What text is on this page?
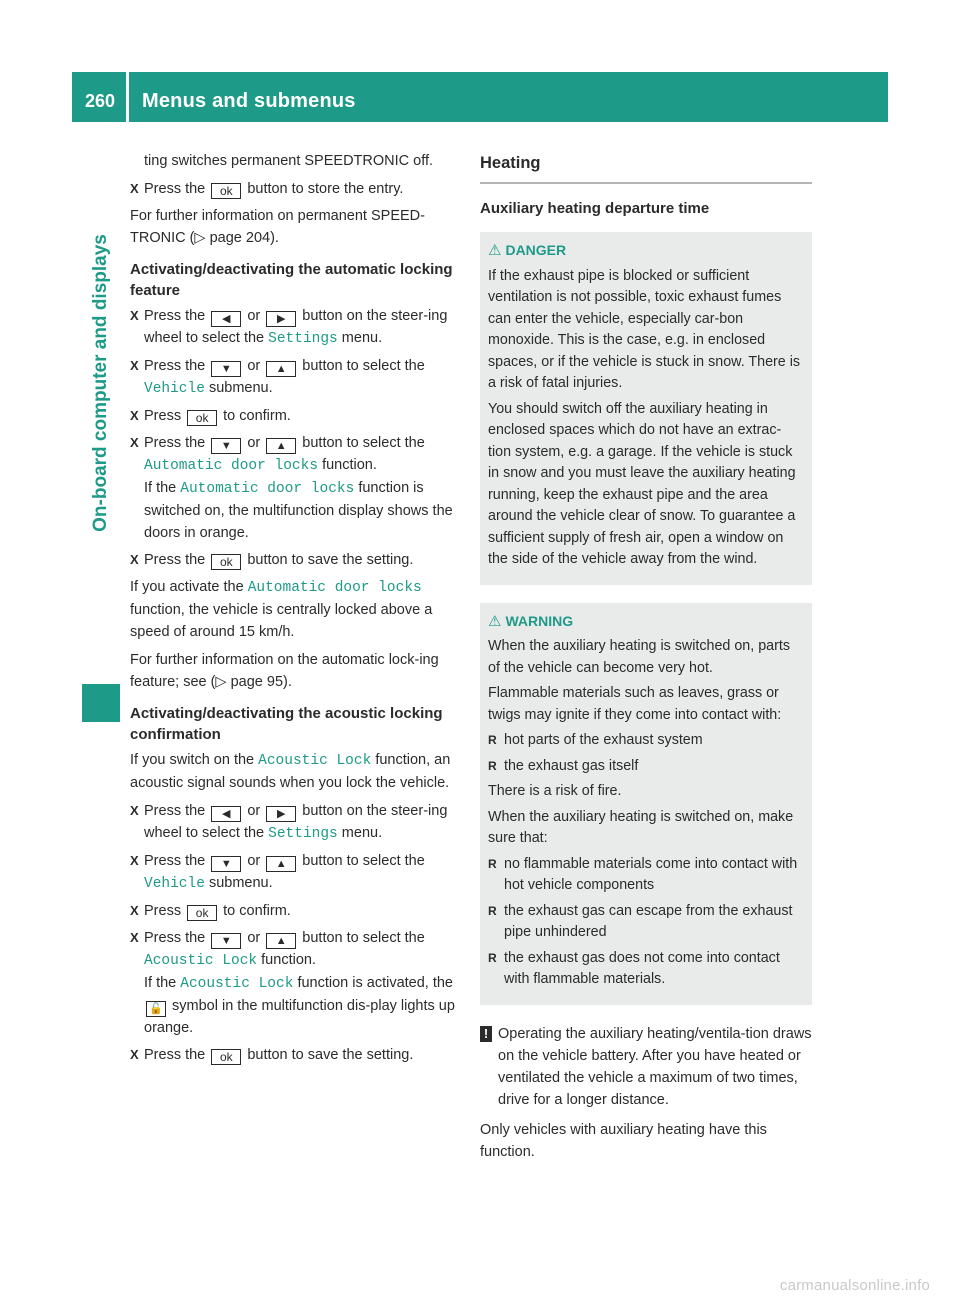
260	Menus and submenus
On-board computer and displays

ting switches permanent SPEEDTRONIC off.

X Press the ok button to store the entry.

For further information on permanent SPEED-TRONIC (▷ page 204).

Activating/deactivating the automatic locking feature
X Press the ◀ or ▶ button on the steer-ing wheel to select the Settings menu.
X Press the ▼ or ▲ button to select the Vehicle submenu.
X Press ok to confirm.
X Press the ▼ or ▲ button to select the Automatic door locks function.
If the Automatic door locks function is switched on, the multifunction display shows the doors in orange.
X Press the ok button to save the setting.

If you activate the Automatic door locks function, the vehicle is centrally locked above a speed of around 15 km/h.

For further information on the automatic lock-ing feature; see (▷ page 95).

Activating/deactivating the acoustic locking confirmation

If you switch on the Acoustic Lock function, an acoustic signal sounds when you lock the vehicle.

X Press the ◀ or ▶ button on the steer-ing wheel to select the Settings menu.
X Press the ▼ or ▲ button to select the Vehicle submenu.
X Press ok to confirm.
X Press the ▼ or ▲ button to select the Acoustic Lock function.
If the Acoustic Lock function is activated, the 🔓 symbol in the multifunction dis-play lights up orange.
X Press the ok button to save the setting.
Heating
Auxiliary heating departure time
⚠ DANGER

If the exhaust pipe is blocked or sufficient ventilation is not possible, toxic exhaust fumes can enter the vehicle, especially car-bon monoxide. This is the case, e.g. in enclosed spaces, or if the vehicle is stuck in snow. There is a risk of fatal injuries.

You should switch off the auxiliary heating in enclosed spaces which do not have an extrac-tion system, e.g. a garage. If the vehicle is stuck in snow and you must leave the auxiliary heating running, keep the exhaust pipe and the area around the vehicle clear of snow. To guarantee a sufficient supply of fresh air, open a window on the side of the vehicle away from the wind.

⚠ WARNING

When the auxiliary heating is switched on, parts of the vehicle can become very hot.

Flammable materials such as leaves, grass or twigs may ignite if they come into contact with:

R hot parts of the exhaust system
R the exhaust gas itself

There is a risk of fire.

When the auxiliary heating is switched on, make sure that:

R no flammable materials come into contact with hot vehicle components
R the exhaust gas can escape from the exhaust pipe unhindered
R the exhaust gas does not come into contact with flammable materials.
! Operating the auxiliary heating/ventila-tion draws on the vehicle battery. After you have heated or ventilated the vehicle a maximum of two times, drive for a longer distance.

Only vehicles with auxiliary heating have this function.

carmanualsonline.info
